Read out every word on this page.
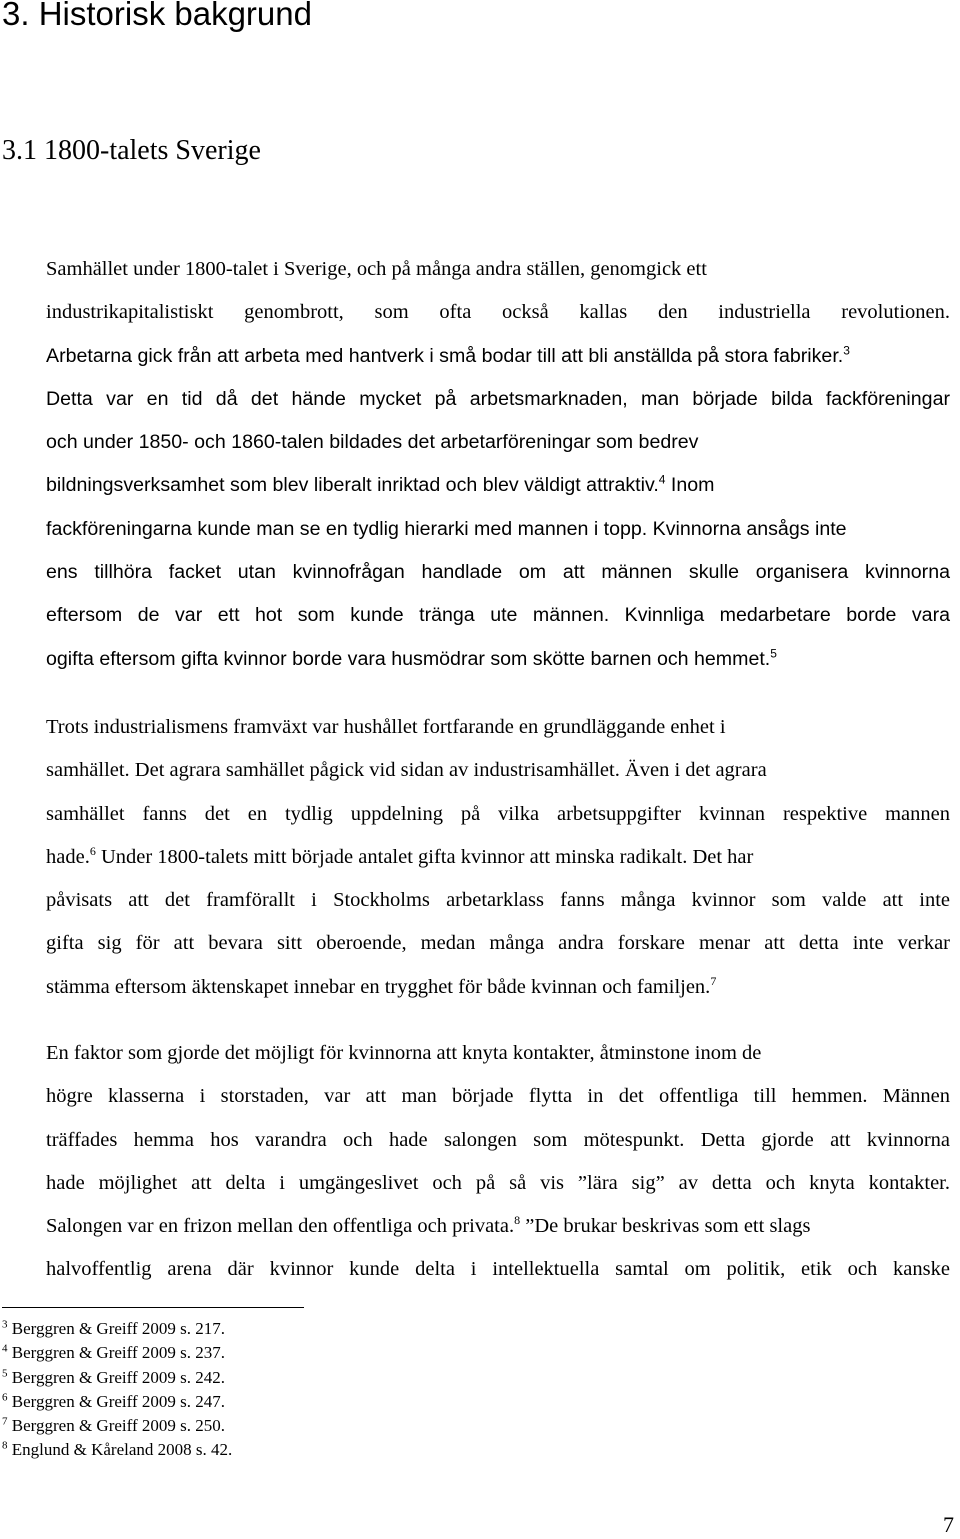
3. Historisk bakgrund
3.1 1800-talets Sverige
Samhället under 1800-talet i Sverige, och på många andra ställen, genomgick ett
industrikapitalistiskt genombrott, som ofta också kallas den industriella revolutionen.
Arbetarna gick från att arbeta med hantverk i små bodar till att bli anställda på stora fabriker.$^3$
Detta var en tid då det hände mycket på arbetsmarknaden, man började bilda fackföreningar
och under 1850- och 1860-talen bildades det arbetarföreningar som bedrev
bildningsverksamhet som blev liberalt inriktad och blev väldigt attraktiv.$^4$ Inom
fackföreningarna kunde man se en tydlig hierarki med mannen i topp. Kvinnorna ansågs inte
ens tillhöra facket utan kvinnofrågan handlade om att männen skulle organisera kvinnorna
eftersom de var ett hot som kunde tränga ute männen. Kvinnliga medarbetare borde vara
ogifta eftersom gifta kvinnor borde vara husmödrar som skötte barnen och hemmet.$^5$
Trots industrialismens framväxt var hushållet fortfarande en grundläggande enhet i
samhället. Det agrara samhället pågick vid sidan av industrisamhället. Även i det agrara
samhället fanns det en tydlig uppdelning på vilka arbetsuppgifter kvinnan respektive mannen
hade.$^6$ Under 1800-talets mitt började antalet gifta kvinnor att minska radikalt. Det har
påvisats att det framförallt i Stockholms arbetarklass fanns många kvinnor som valde att inte
gifta sig för att bevara sitt oberoende, medan många andra forskare menar att detta inte verkar
stämma eftersom äktenskapet innebar en trygghet för både kvinnan och familjen.$^7$
En faktor som gjorde det möjligt för kvinnorna att knyta kontakter, åtminstone inom de
högre klasserna i storstaden, var att man började flytta in det offentliga till hemmen. Männen
träffades hemma hos varandra och hade salongen som mötespunkt. Detta gjorde att kvinnorna
hade möjlighet att delta i umgängeslivet och på så vis ”lära sig” av detta och knyta kontakter.
Salongen var en frizon mellan den offentliga och privata.$^8$ ”De brukar beskrivas som ett slags
halvoffentlig arena där kvinnor kunde delta i intellektuella samtal om politik, etik och kanske
$^3$ Berggren & Greiff 2009 s. 217.
$^4$ Berggren & Greiff 2009 s. 237.
$^5$ Berggren & Greiff 2009 s. 242.
$^6$ Berggren & Greiff 2009 s. 247.
$^7$ Berggren & Greiff 2009 s. 250.
$^8$ Englund & Kåreland 2008 s. 42.
7
